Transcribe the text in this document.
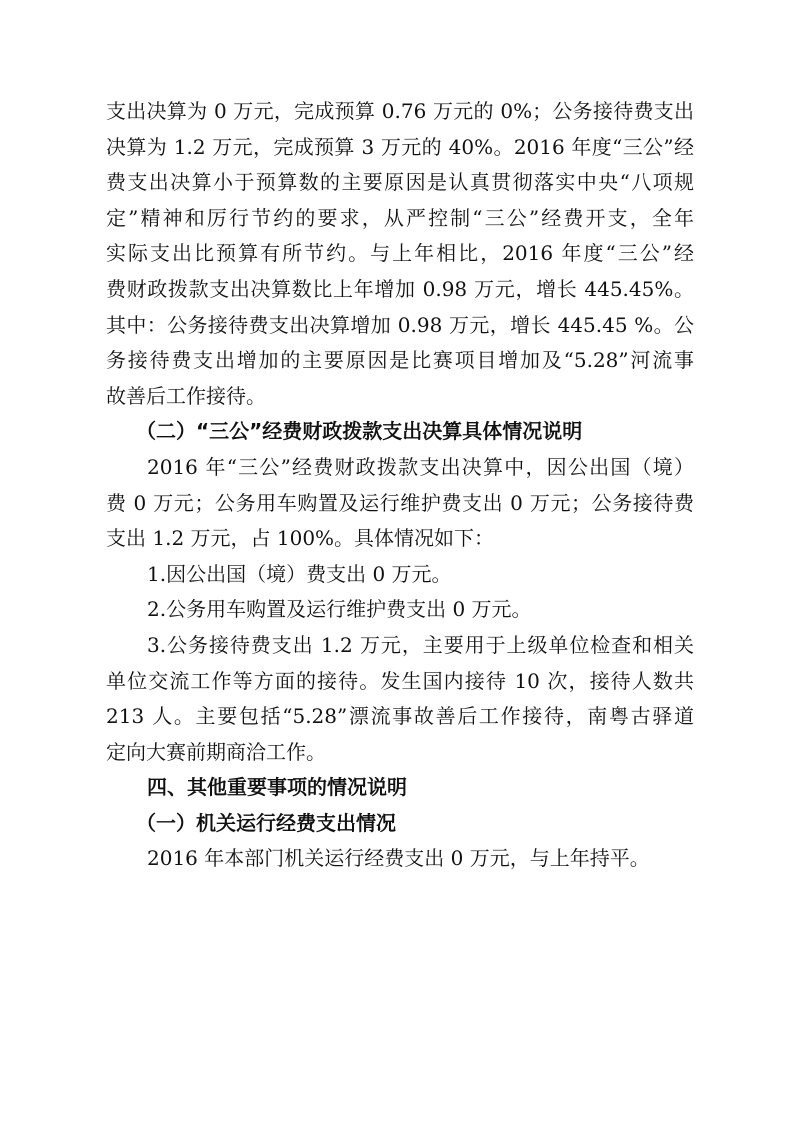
支出决算为 0 万元，完成预算 0.76 万元的 0%；公务接待费支出
决算为 1.2 万元，完成预算 3 万元的 40%。2016 年度“三公”经
费支出决算小于预算数的主要原因是认真贯彻落实中央“八项规
定”精神和厉行节约的要求，从严控制“三公”经费开支，全年
实际支出比预算有所节约。与上年相比，2016 年度“三公”经
费财政拨款支出决算数比上年增加 0.98 万元，增长 445.45%。
其中：公务接待费支出决算增加 0.98 万元，增长 445.45 %。公
务接待费支出增加的主要原因是比赛项目增加及“5.28”河流事
故善后工作接待。
（二）“三公”经费财政拨款支出决算具体情况说明
2016 年“三公”经费财政拨款支出决算中，因公出国（境）
费 0 万元；公务用车购置及运行维护费支出 0 万元；公务接待费
支出 1.2 万元，占 100%。具体情况如下：
1.因公出国（境）费支出 0 万元。
2.公务用车购置及运行维护费支出 0 万元。
3.公务接待费支出 1.2 万元，主要用于上级单位检查和相关
单位交流工作等方面的接待。发生国内接待 10 次，接待人数共
213 人。主要包括“5.28”漂流事故善后工作接待，南粤古驿道
定向大赛前期商洽工作。
四、其他重要事项的情况说明
（一）机关运行经费支出情况
2016 年本部门机关运行经费支出 0 万元，与上年持平。
